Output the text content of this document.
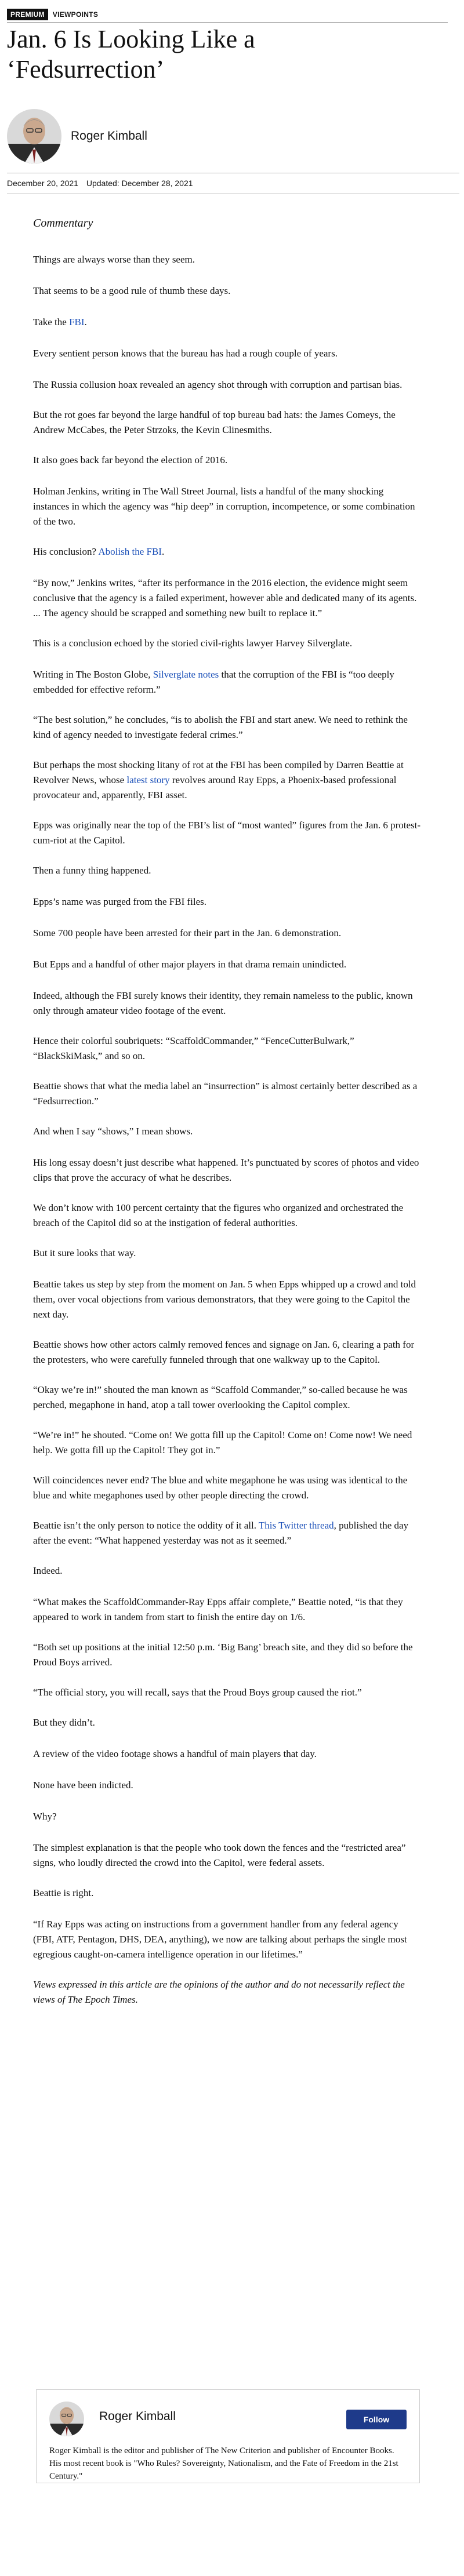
PREMIUM	VIEWPOINTS
Jan. 6 Is Looking Like a ‘Fedsurrection’
Roger Kimball
December 20, 2021 Updated: December 28, 2021
Commentary

Things are always worse than they seem.

That seems to be a good rule of thumb these days.

Take the FBI.

Every sentient person knows that the bureau has had a rough couple of years.

The Russia collusion hoax revealed an agency shot through with corruption and partisan bias.

But the rot goes far beyond the large handful of top bureau bad hats: the James Comeys, the Andrew McCabes, the Peter Strzoks, the Kevin Clinesmiths.

It also goes back far beyond the election of 2016.

Holman Jenkins, writing in The Wall Street Journal, lists a handful of the many shocking instances in which the agency was “hip deep” in corruption, incompetence, or some combination of the two.

His conclusion? Abolish the FBI.

“By now,” Jenkins writes, “after its performance in the 2016 election, the evidence might seem conclusive that the agency is a failed experiment, however able and dedicated many of its agents. ... The agency should be scrapped and something new built to replace it.”

This is a conclusion echoed by the storied civil-rights lawyer Harvey Silverglate.

Writing in The Boston Globe, Silverglate notes that the corruption of the FBI is “too deeply embedded for effective reform.”

“The best solution,” he concludes, “is to abolish the FBI and start anew. We need to rethink the kind of agency needed to investigate federal crimes.”

But perhaps the most shocking litany of rot at the FBI has been compiled by Darren Beattie at Revolver News, whose latest story revolves around Ray Epps, a Phoenix-based professional provocateur and, apparently, FBI asset.

Epps was originally near the top of the FBI’s list of “most wanted” figures from the Jan. 6 protest-cum-riot at the Capitol.

Then a funny thing happened.

Epps’s name was purged from the FBI files.

Some 700 people have been arrested for their part in the Jan. 6 demonstration.

But Epps and a handful of other major players in that drama remain unindicted.

Indeed, although the FBI surely knows their identity, they remain nameless to the public, known only through amateur video footage of the event.

Hence their colorful soubriquets: “ScaffoldCommander,” “FenceCutterBulwark,” “BlackSkiMask,” and so on.

Beattie shows that what the media label an “insurrection” is almost certainly better described as a “Fedsurrection.”

And when I say “shows,” I mean shows.

His long essay doesn’t just describe what happened. It’s punctuated by scores of photos and video clips that prove the accuracy of what he describes.

We don’t know with 100 percent certainty that the figures who organized and orchestrated the breach of the Capitol did so at the instigation of federal authorities.

But it sure looks that way.

Beattie takes us step by step from the moment on Jan. 5 when Epps whipped up a crowd and told them, over vocal objections from various demonstrators, that they were going to the Capitol the next day.

Beattie shows how other actors calmly removed fences and signage on Jan. 6, clearing a path for the protesters, who were carefully funneled through that one walkway up to the Capitol.

“Okay we’re in!” shouted the man known as “Scaffold Commander,” so-called because he was perched, megaphone in hand, atop a tall tower overlooking the Capitol complex.

“We’re in!” he shouted. “Come on! We gotta fill up the Capitol! Come on! Come now! We need help. We gotta fill up the Capitol! They got in.”

Will coincidences never end? The blue and white megaphone he was using was identical to the blue and white megaphones used by other people directing the crowd.

Beattie isn’t the only person to notice the oddity of it all. This Twitter thread, published the day after the event: “What happened yesterday was not as it seemed.”

Indeed.

“What makes the ScaffoldCommander-Ray Epps affair complete,” Beattie noted, “is that they appeared to work in tandem from start to finish the entire day on 1/6.

“Both set up positions at the initial 12:50 p.m. ‘Big Bang’ breach site, and they did so before the Proud Boys arrived.

“The official story, you will recall, says that the Proud Boys group caused the riot.”

But they didn’t.

A review of the video footage shows a handful of main players that day.

None have been indicted.

Why?

The simplest explanation is that the people who took down the fences and the “restricted area” signs, who loudly directed the crowd into the Capitol, were federal assets.

Beattie is right.

“If Ray Epps was acting on instructions from a government handler from any federal agency (FBI, ATF, Pentagon, DHS, DEA, anything), we now are talking about perhaps the single most egregious caught-on-camera intelligence operation in our lifetimes.”

Views expressed in this article are the opinions of the author and do not necessarily reflect the views of The Epoch Times.

Roger Kimball	Follow
Roger Kimball is the editor and publisher of The New Criterion and publisher of Encounter Books. His most recent book is "Who Rules? Sovereignty, Nationalism, and the Fate of Freedom in the 21st Century."
